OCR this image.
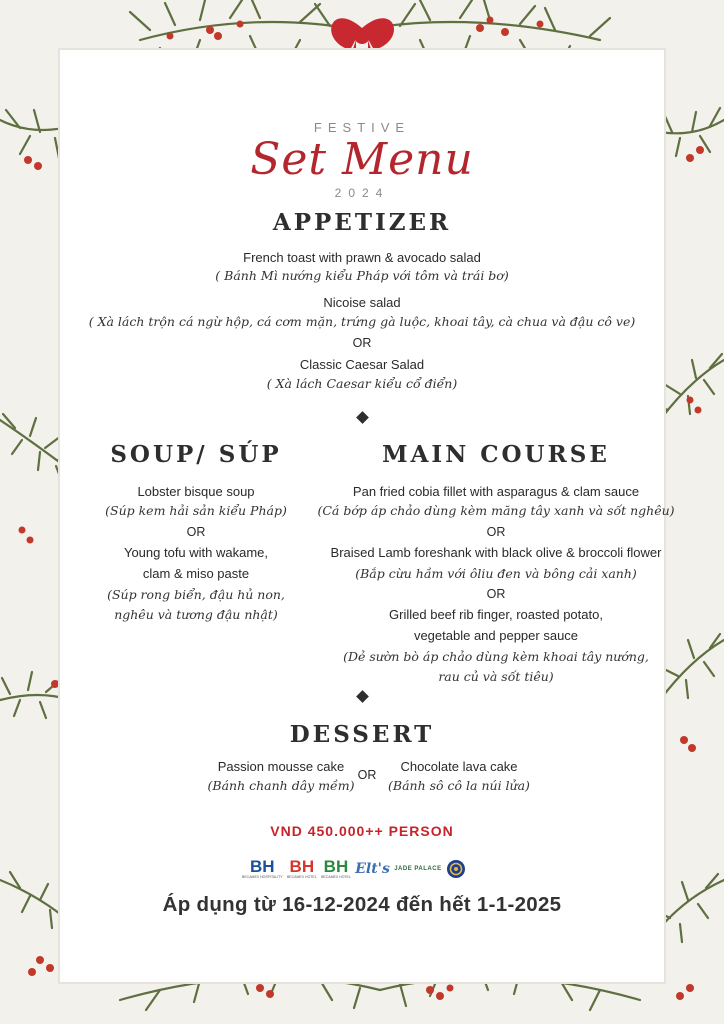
FESTIVE
Set Menu
2024
APPETIZER
French toast with prawn & avocado salad
( Bánh Mì nướng kiểu Pháp với tôm và trái bơ)
Nicoise salad
( Xà lách trộn cá ngừ hộp, cá cơm mặn, trứng gà luộc, khoai tây, cà chua và đậu cô ve)
OR
Classic Caesar Salad
( Xà lách Caesar kiểu cổ điển)
SOUP/ SÚP
Lobster bisque soup
(Súp kem hải sản kiểu Pháp)
OR
Young tofu with wakame,
clam & miso paste
(Súp rong biển, đậu hủ non,
nghêu và tương đậu nhật)
MAIN COURSE
Pan fried cobia fillet with asparagus & clam sauce
(Cá bớp áp chảo dùng kèm măng tây xanh và sốt nghêu)
OR
Braised Lamb foreshank with black olive & broccoli flower
(Bắp cừu hầm với ôliu đen và bông cải xanh)
OR
Grilled beef rib finger, roasted potato,
vegetable and pepper sauce
(Dẻ sườn bò áp chảo dùng kèm khoai tây nướng,
rau củ và sốt tiêu)
DESSERT
Passion mousse cake
(Bánh chanh dây mềm)
OR
Chocolate lava cake
(Bánh sô cô la núi lửa)
VND 450.000++ PERSON
BH
BECAMEX HOSPITALITY
BH
BECAMEX HOTEL
BH
BECAMEX HOTEL Elt's JADE PALACE
Áp dụng từ 16-12-2024 đến hết 1-1-2025
